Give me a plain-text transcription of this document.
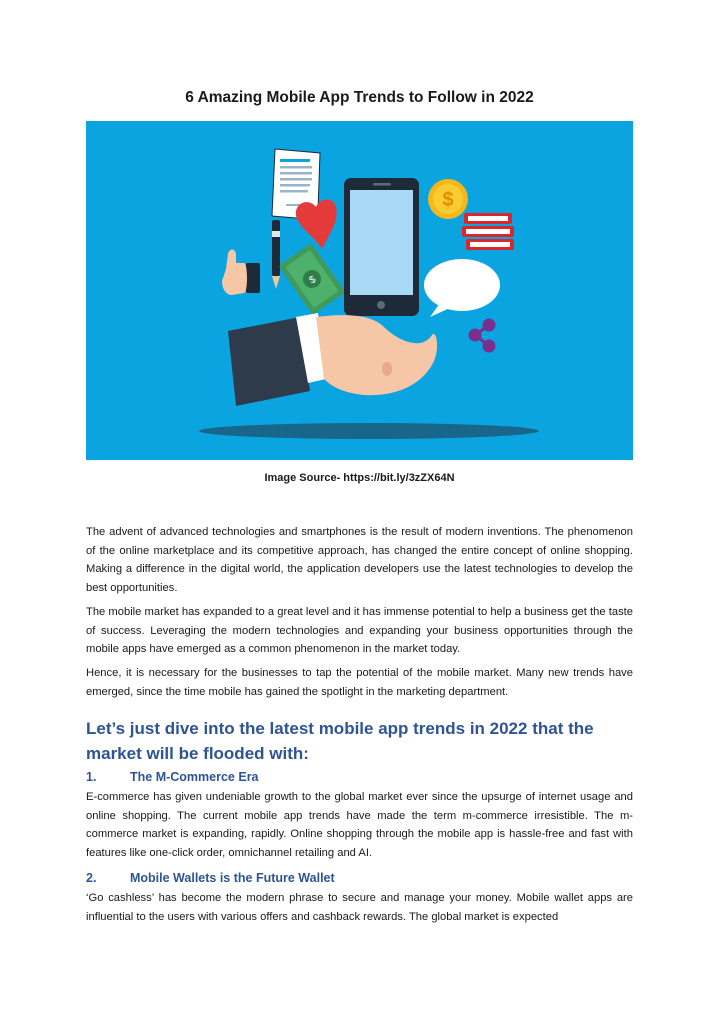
6 Amazing Mobile App Trends to Follow in 2022
$
$
Image Source- https://bit.ly/3zZX64N

The advent of advanced technologies and smartphones is the result of modern inventions. The phenomenon of the online marketplace and its competitive approach, has changed the entire concept of online shopping. Making a difference in the digital world, the application developers use the latest technologies to develop the best opportunities.

The mobile market has expanded to a great level and it has immense potential to help a business get the taste of success. Leveraging the modern technologies and expanding your business opportunities through the mobile apps have emerged as a common phenomenon in the market today.

Hence, it is necessary for the businesses to tap the potential of the mobile market. Many new trends have emerged, since the time mobile has gained the spotlight in the marketing department.

Let’s just dive into the latest mobile app trends in 2022 that the market will be flooded with:
1.	The M-Commerce Era

E-commerce has given undeniable growth to the global market ever since the upsurge of internet usage and online shopping. The current mobile app trends have made the term m-commerce irresistible. The m-commerce market is expanding, rapidly. Online shopping through the mobile app is hassle-free and fast with features like one-click order, omnichannel retailing and AI.

2.	Mobile Wallets is the Future Wallet

‘Go cashless’ has become the modern phrase to secure and manage your money. Mobile wallet apps are influential to the users with various offers and cashback rewards. The global market is expected
